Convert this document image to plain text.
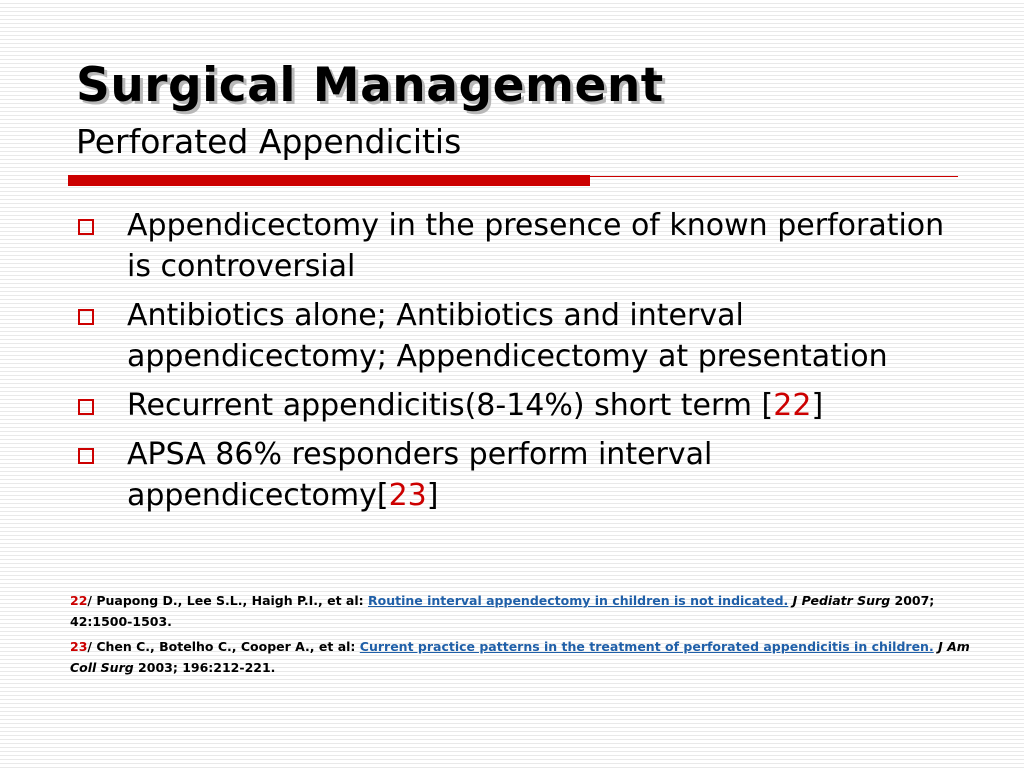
Surgical Management
Perforated Appendicitis
Appendicectomy in the presence of known perforation is controversial
Antibiotics alone; Antibiotics and interval appendicectomy; Appendicectomy at presentation
Recurrent appendicitis(8-14%) short term [22]
APSA 86% responders perform interval appendicectomy[23]

22/ Puapong D., Lee S.L., Haigh P.I., et al: Routine interval appendectomy in children is not indicated. J Pediatr Surg 2007; 42:1500-1503.

23/ Chen C., Botelho C., Cooper A., et al: Current practice patterns in the treatment of perforated appendicitis in children. J Am Coll Surg 2003; 196:212-221.
